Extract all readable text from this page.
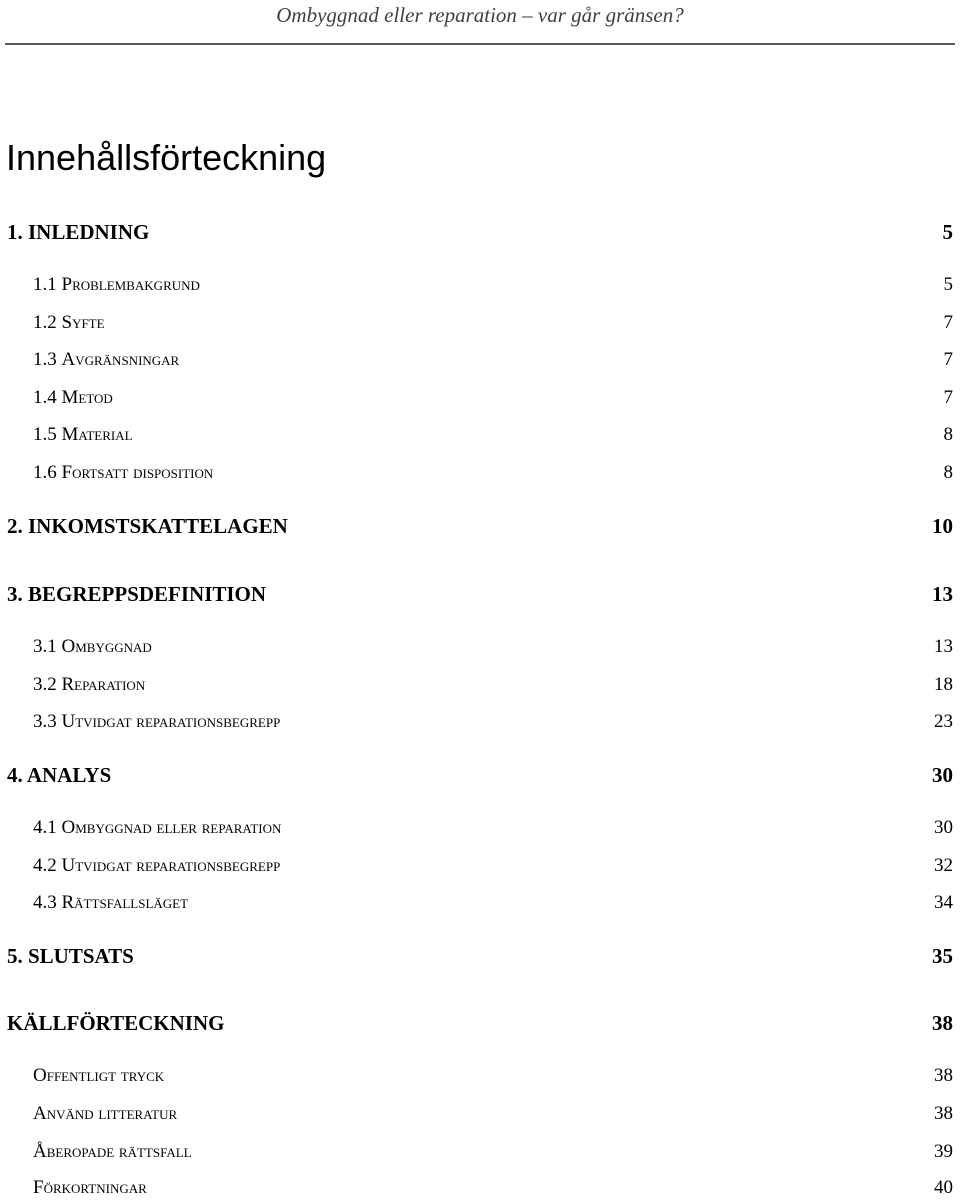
Ombyggnad eller reparation – var går gränsen?
Innehållsförteckning
1. INLEDNING	5
1.1 Problembakgrund	5
1.2 Syfte	7
1.3 Avgränsningar	7
1.4 Metod	7
1.5 Material	8
1.6 Fortsatt disposition	8
2. INKOMSTSKATTELAGEN	10
3. BEGREPPSDEFINITION	13
3.1 Ombyggnad	13
3.2 Reparation	18
3.3 Utvidgat reparationsbegrepp	23
4. ANALYS	30
4.1 Ombyggnad eller reparation	30
4.2 Utvidgat reparationsbegrepp	32
4.3 Rättsfallsläget	34
5. SLUTSATS	35
KÄLLFÖRTECKNING	38
Offentligt tryck	38
Använd litteratur	38
Åberopade rättsfall	39
Förkortningar	40
